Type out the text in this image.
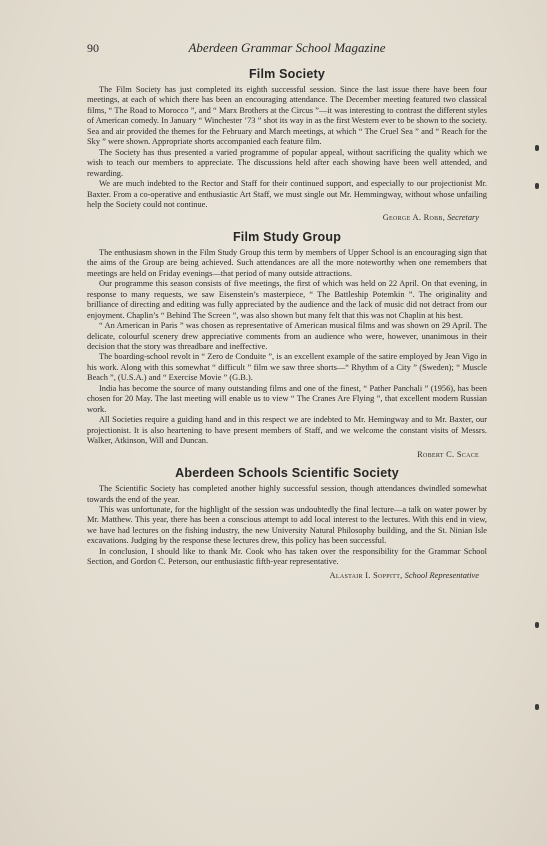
90	Aberdeen Grammar School Magazine
Film Society

The Film Society has just completed its eighth successful session. Since the last issue there have been four meetings, at each of which there has been an encouraging attendance. The December meeting featured two classical films, “ The Road to Morocco ”, and “ Marx Brothers at the Circus ”—it was interesting to contrast the different styles of American comedy. In January “ Winchester ’73 ” shot its way in as the first Western ever to be shown to the society. Sea and air provided the themes for the February and March meetings, at which “ The Cruel Sea ” and “ Reach for the Sky ” were shown. Appropriate shorts accompanied each feature film.

The Society has thus presented a varied programme of popular appeal, without sacrificing the quality which we wish to teach our members to appreciate. The discussions held after each showing have been well attended, and rewarding.

We are much indebted to the Rector and Staff for their continued support, and especially to our projectionist Mr. Baxter. From a co-operative and enthusiastic Art Staff, we must single out Mr. Hemmingway, without whose unfailing help the Society could not continue.

George A. Robb, Secretary
Film Study Group

The enthusiasm shown in the Film Study Group this term by members of Upper School is an encouraging sign that the aims of the Group are being achieved. Such attendances are all the more noteworthy when one remembers that meetings are held on Friday evenings—that period of many outside attractions.

Our programme this season consists of five meetings, the first of which was held on 22 April. On that evening, in response to many requests, we saw Eisenstein’s masterpiece, “ The Battleship Potemkin ”. The originality and brilliance of directing and editing was fully appreciated by the audience and the lack of music did not detract from our enjoyment. Chaplin’s “ Behind The Screen ”, was also shown but many felt that this was not Chaplin at his best.

“ An American in Paris ” was chosen as representative of American musical films and was shown on 29 April. The delicate, colourful scenery drew appreciative comments from an audience who were, however, unanimous in their decision that the story was threadbare and ineffective.

The boarding-school revolt in “ Zero de Conduite ”, is an excellent example of the satire employed by Jean Vigo in his work. Along with this somewhat “ difficult ” film we saw three shorts—“ Rhythm of a City ” (Sweden); “ Muscle Beach ”, (U.S.A.) and “ Exercise Movie ” (G.B.).

India has become the source of many outstanding films and one of the finest, “ Pather Panchali ” (1956), has been chosen for 20 May. The last meeting will enable us to view “ The Cranes Are Flying ”, that excellent modern Russian work.

All Societies require a guiding hand and in this respect we are indebted to Mr. Hemingway and to Mr. Baxter, our projectionist. It is also heartening to have present members of Staff, and we welcome the constant visits of Messrs. Walker, Atkinson, Will and Duncan.

Robert C. Scace
Aberdeen Schools Scientific Society

The Scientific Society has completed another highly successful session, though attendances dwindled somewhat towards the end of the year.

This was unfortunate, for the highlight of the session was undoubtedly the final lecture—a talk on water power by Mr. Matthew. This year, there has been a conscious attempt to add local interest to the lectures. With this end in view, we have had lectures on the fishing industry, the new University Natural Philosophy building, and the St. Ninian Isle excavations. Judging by the response these lectures drew, this policy has been successful.

In conclusion, I should like to thank Mr. Cook who has taken over the responsibility for the Grammar School Section, and Gordon C. Peterson, our enthusiastic fifth-year representative.

Alastair I. Soppitt, School Representative
